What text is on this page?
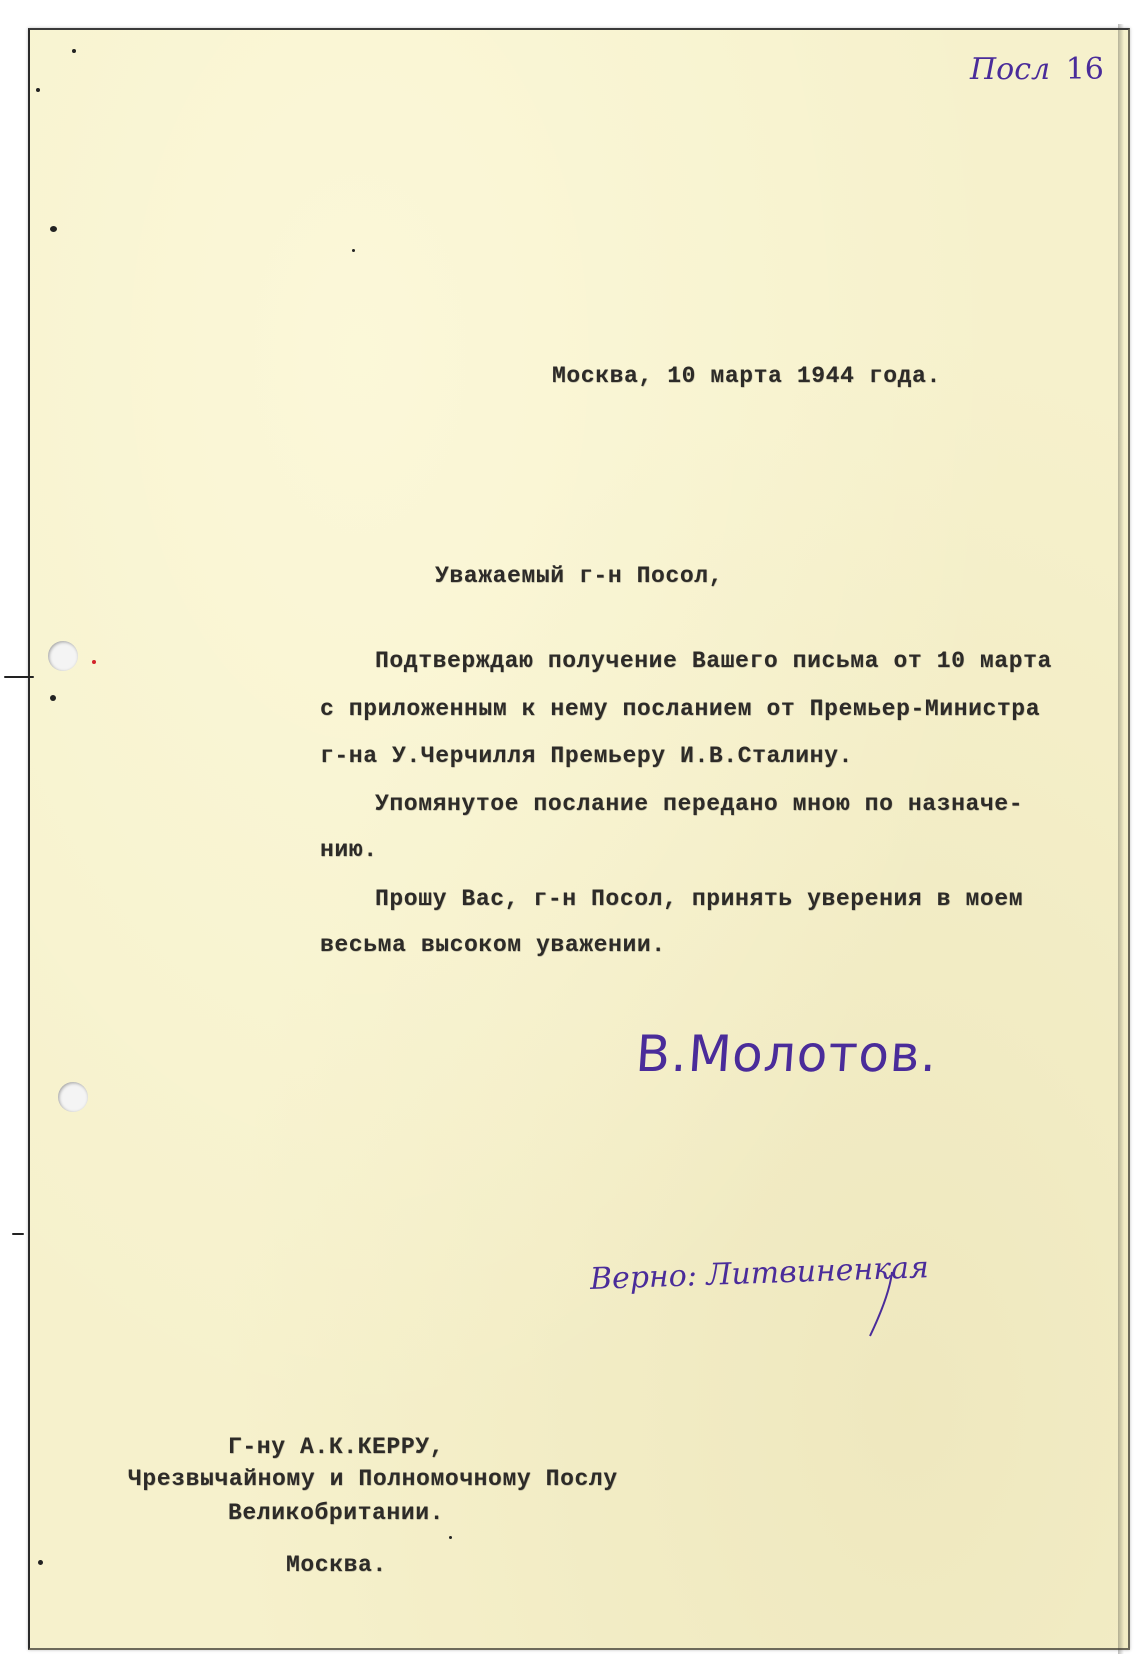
Посл 16
Москва, 10 марта 1944 года.
Уважаемый г-н Посол,
Подтверждаю получение Вашего письма от 10 марта
с приложенным к нему посланием от Премьер-Министра
г-на У.Черчилля Премьеру И.В.Сталину.
Упомянутое послание передано мною по назначе-
нию.
Прошу Вас, г-н Посол, принять уверения в моем
весьма высоком уважении.
В.Молотов.
Верно: Литвиненкая
Г-ну А.К.КЕРРУ,
Чрезвычайному и Полномочному Послу
Великобритании.
Москва.
